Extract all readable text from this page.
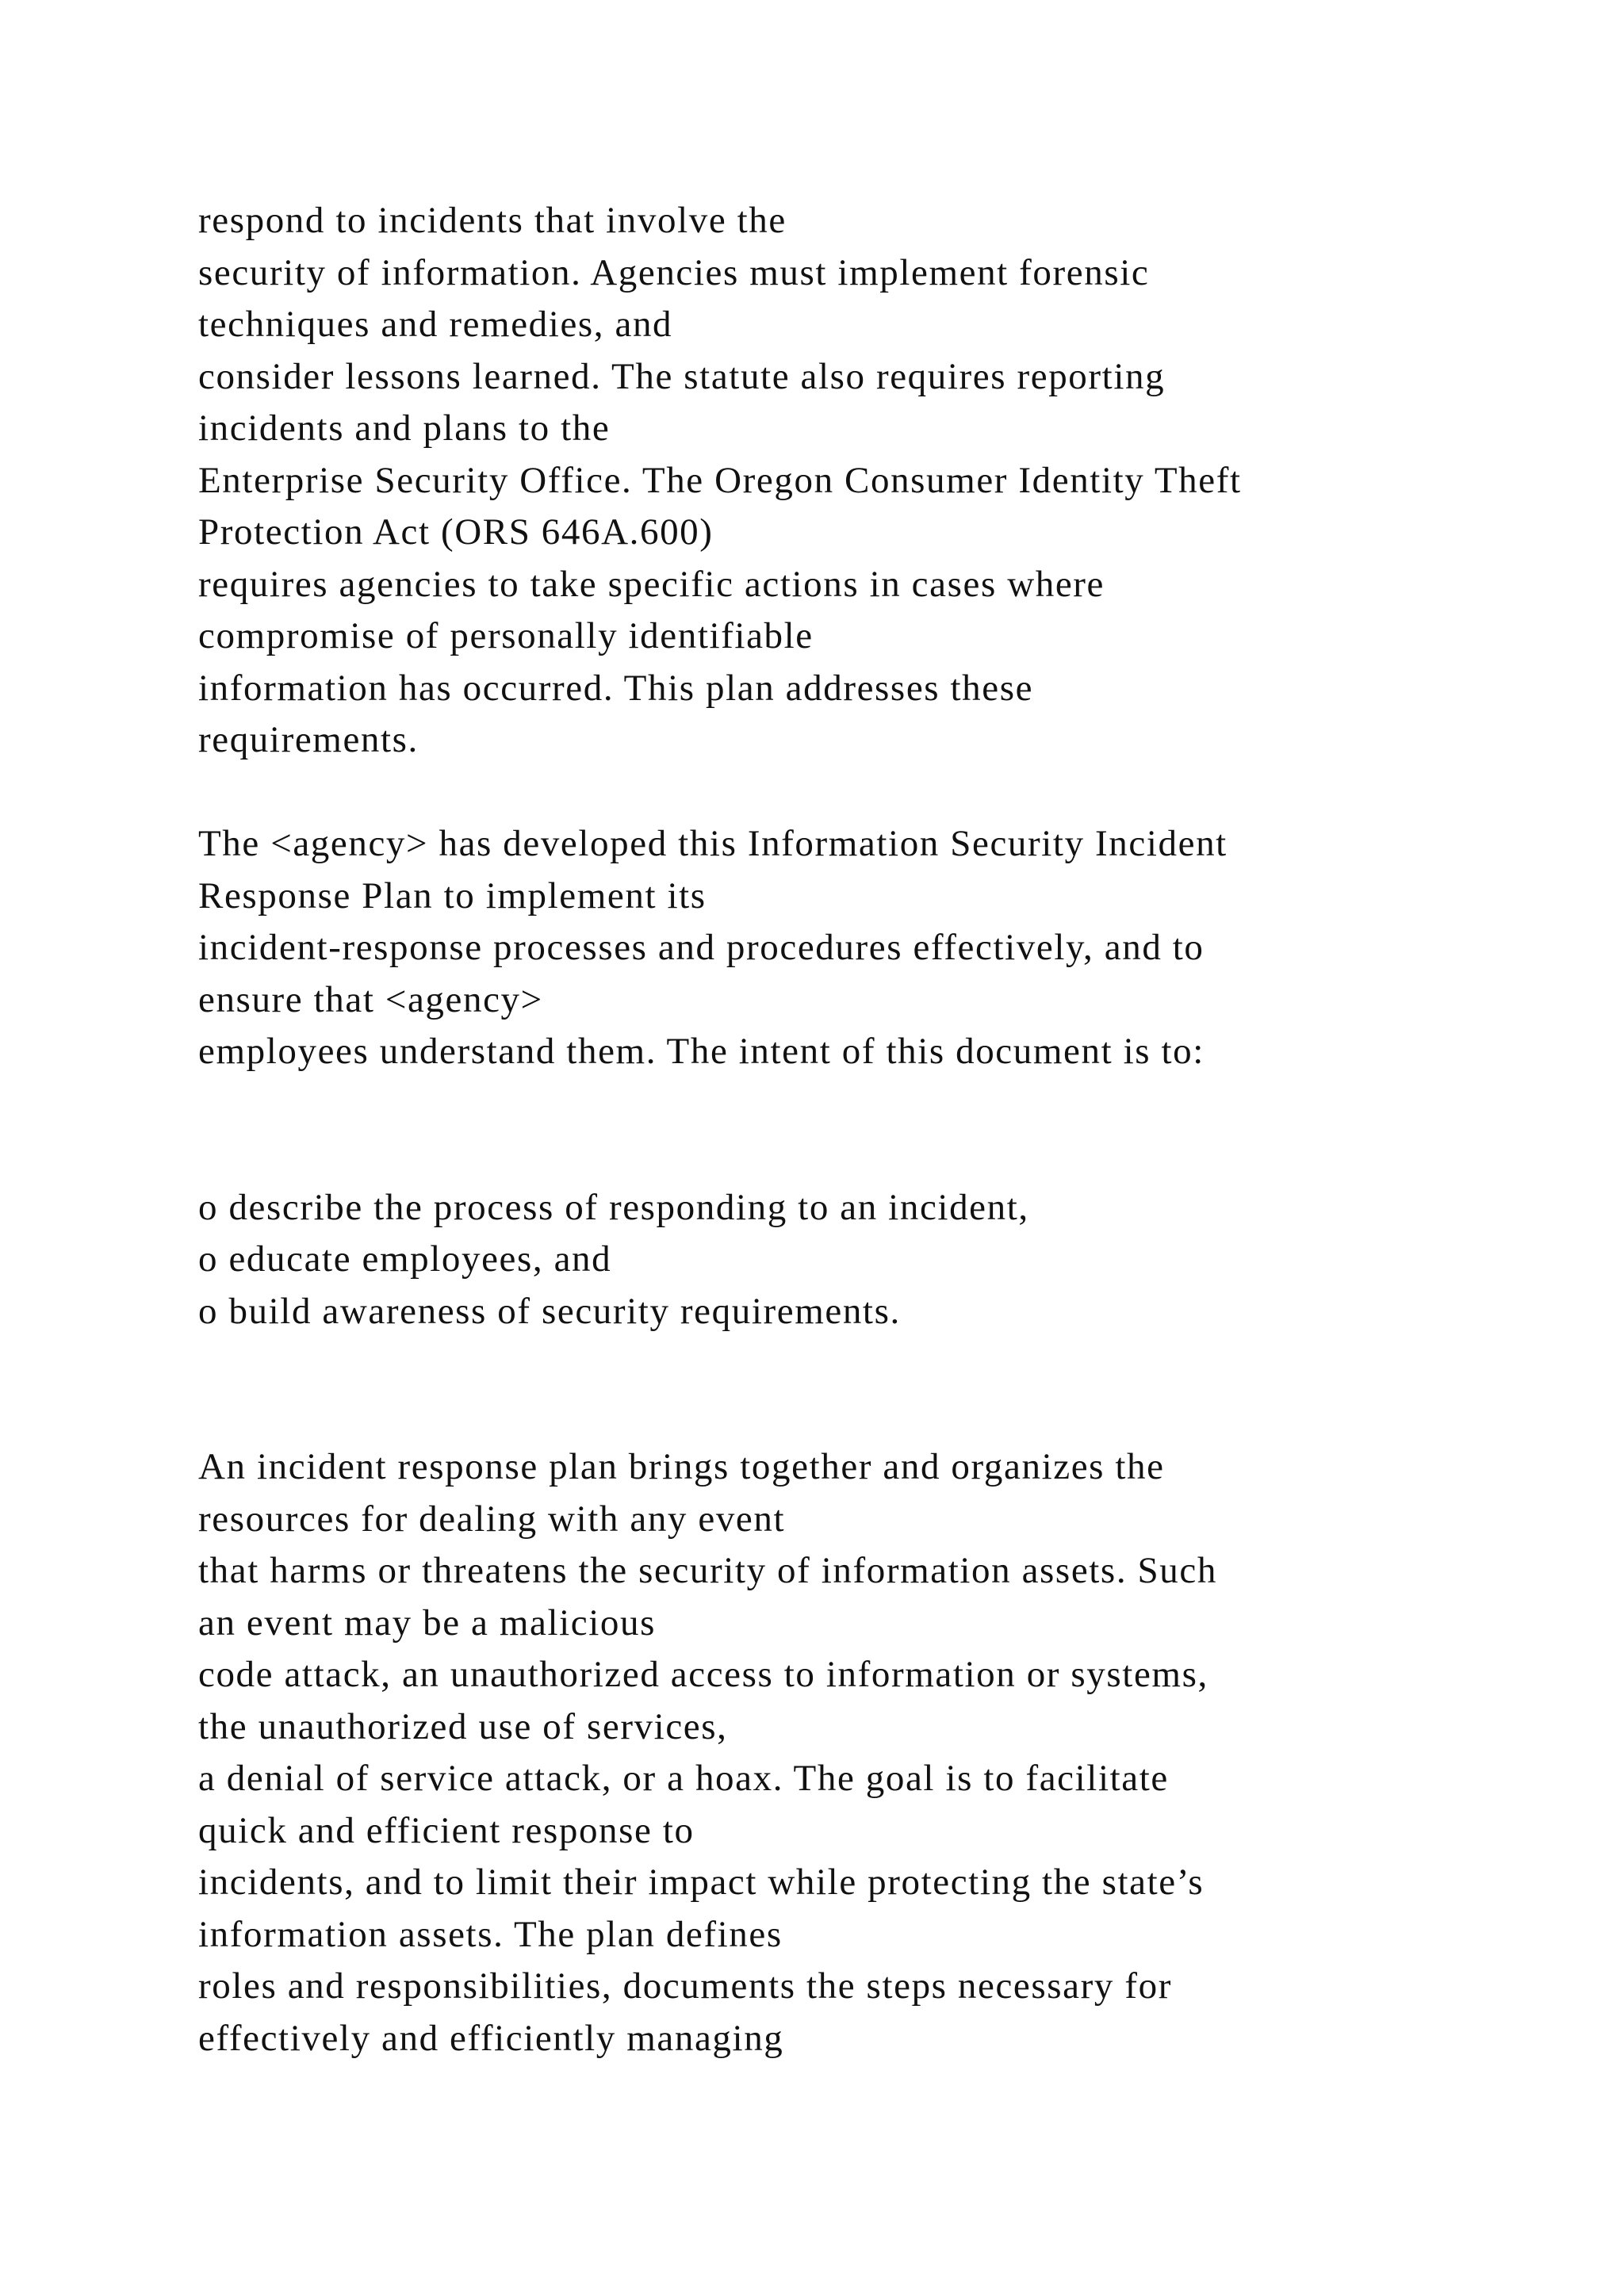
respond to incidents that involve the
security of information. Agencies must implement forensic
techniques and remedies, and
consider lessons learned. The statute also requires reporting
incidents and plans to the
Enterprise Security Office. The Oregon Consumer Identity Theft
Protection Act (ORS 646A.600)
requires agencies to take specific actions in cases where
compromise of personally identifiable
information has occurred. This plan addresses these
requirements.
The <agency> has developed this Information Security Incident
Response Plan to implement its
incident-response processes and procedures effectively, and to
ensure that <agency>
employees understand them. The intent of this document is to:
o describe the process of responding to an incident,
o educate employees, and
o build awareness of security requirements.
An incident response plan brings together and organizes the
resources for dealing with any event
that harms or threatens the security of information assets. Such
an event may be a malicious
code attack, an unauthorized access to information or systems,
the unauthorized use of services,
a denial of service attack, or a hoax. The goal is to facilitate
quick and efficient response to
incidents, and to limit their impact while protecting the state’s
information assets. The plan defines
roles and responsibilities, documents the steps necessary for
effectively and efficiently managing
